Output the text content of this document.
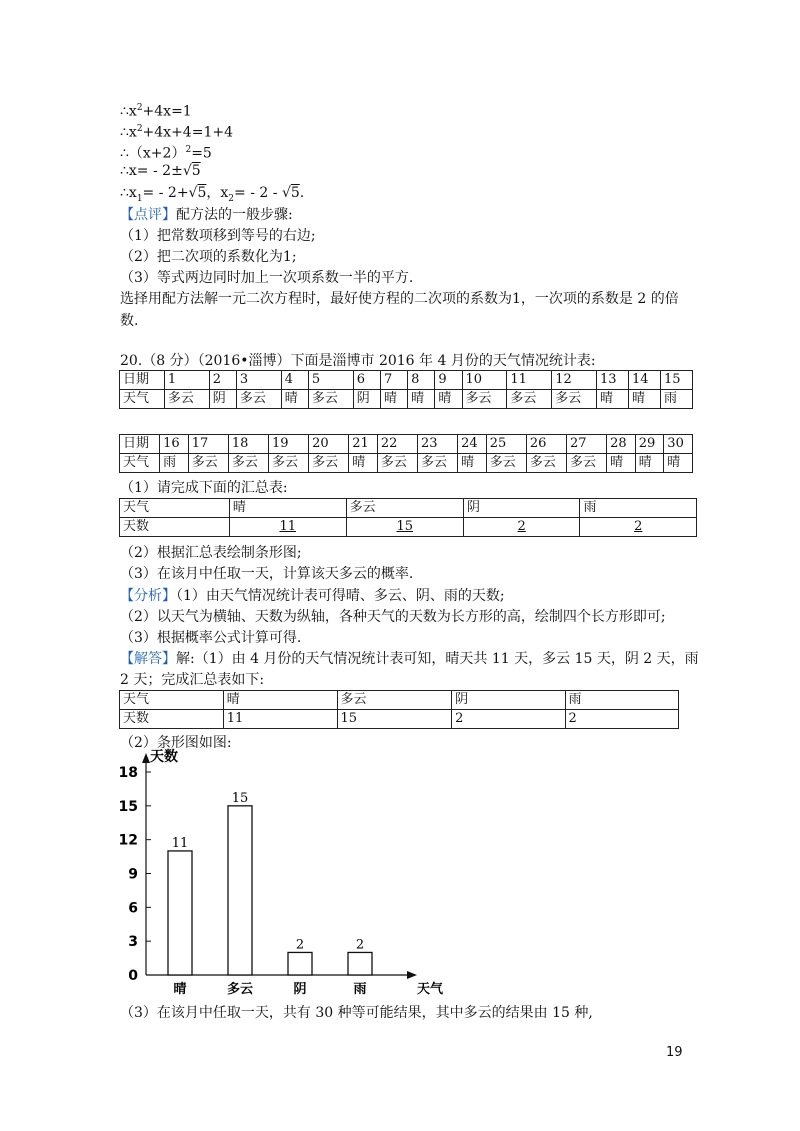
$\therefore x^2+4x=1$
$\therefore x^2+4x+4=1+4$
$\therefore(x+2)^2=5$
∴x= - 2±√5
$\therefore x_1= - 2+√5$，$x_2= - 2 - √5$.
【点评】配方法的一般步骤:
（1）把常数项移到等号的右边;
（2）把二次项的系数化为1;
（3）等式两边同时加上一次项系数一半的平方.
选择用配方法解一元二次方程时，最好使方程的二次项的系数为1，一次项的系数是 2 的倍
数.
20.（8 分）（2016•淄博）下面是淄博市 2016 年 4 月份的天气情况统计表:
日期	1	2	3	4	5	6	7	8	9	10	11	12	13	14	15
天气	多云	阴	多云	晴	多云	阴	晴	晴	晴	多云	多云	多云	晴	晴	雨
日期	16	17	18	19	20	21	22	23	24	25	26	27	28	29	30
天气	雨	多云	多云	多云	多云	晴	多云	多云	晴	多云	多云	多云	晴	晴	晴
（1）请完成下面的汇总表:
天气	晴	多云	阴	雨
天数	11	15	2	2
（2）根据汇总表绘制条形图;
（3）在该月中任取一天，计算该天多云的概率.
【分析】（1）由天气情况统计表可得晴、多云、阴、雨的天数;
（2）以天气为横轴、天数为纵轴，各种天气的天数为长方形的高，绘制四个长方形即可;
（3）根据概率公式计算可得.
【解答】解:（1）由 4 月份的天气情况统计表可知，晴天共 11 天，多云 15 天，阴 2 天，雨
2 天；完成汇总表如下:
天气	晴	多云	阴	雨
天数	11	15	2	2
（2）条形图如图:
天数
天气
0
3
6
9
12
15
18
11
晴
15
多云
2
阴
2
雨
（3）在该月中任取一天，共有 30 种等可能结果，其中多云的结果由 15 种,
19
